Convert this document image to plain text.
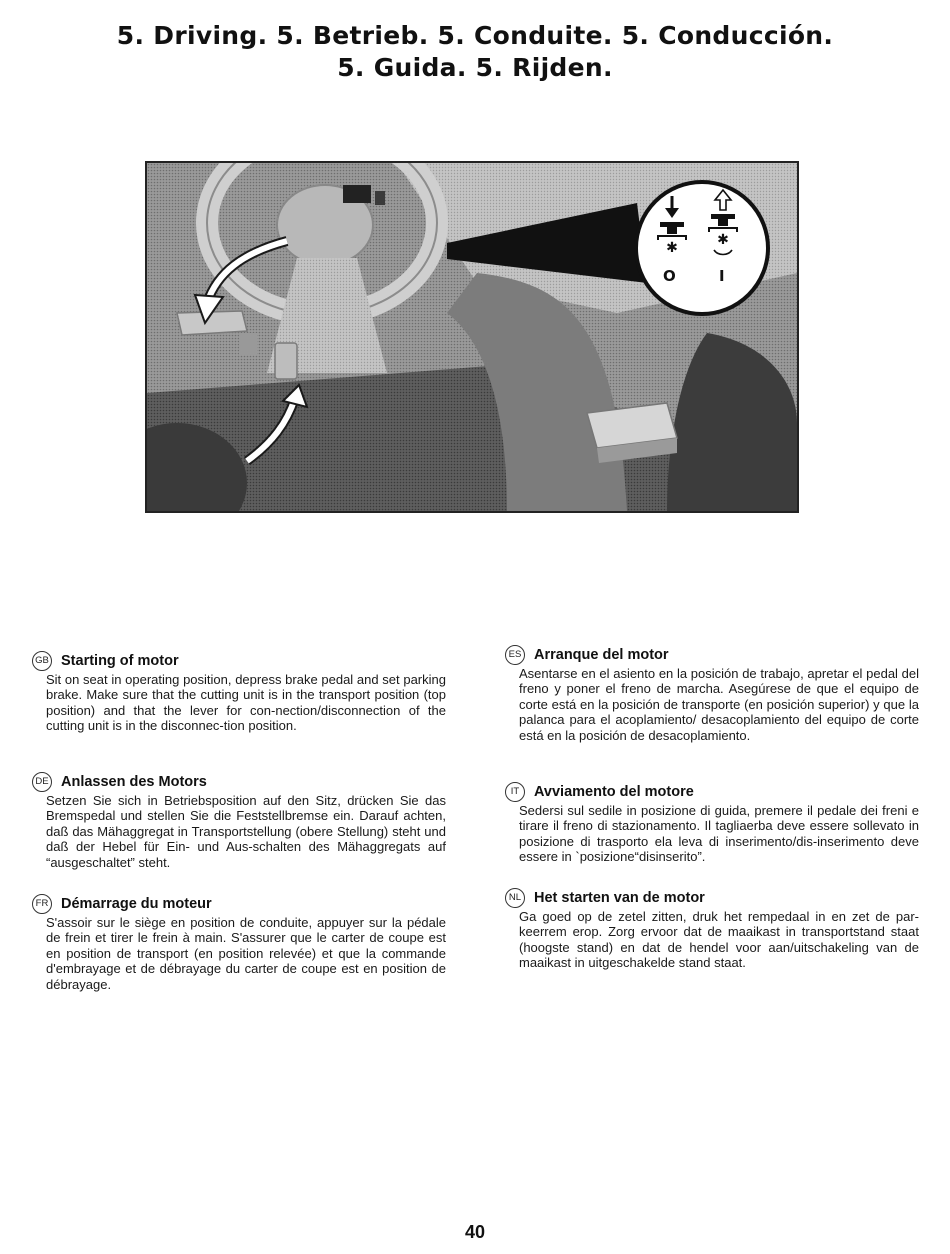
5. Driving. 5. Betrieb. 5. Conduite. 5. Conducción.
5. Guida. 5. Rijden.
✱	✱
O	I
GB Starting of motor

Sit on seat in operating position, depress brake pedal and set parking brake. Make sure that the cutting unit is in the transport position (top position) and that the lever for con-nection/disconnection of the cutting unit is in the disconnec-tion position.

DE Anlassen des Motors

Setzen Sie sich in Betriebsposition auf den Sitz, drücken Sie das Bremspedal und stellen Sie die Feststellbremse ein. Darauf achten, daß das Mähaggregat in Transportstellung (obere Stellung) steht und daß der Hebel für Ein- und Aus-schalten des Mähaggregats auf “ausgeschaltet” steht.

FR Démarrage du moteur

S'assoir sur le siège en position de conduite, appuyer sur la pédale de frein et tirer le frein à main. S'assurer que le carter de coupe est en position de transport (en position relevée) et que la commande d'embrayage et de débrayage du carter de coupe est en position de débrayage.

ES Arranque del motor

Asentarse en el asiento en la posición de trabajo, apretar el pedal del freno y poner el freno de marcha. Asegúrese de que el equipo de corte está en la posición de transporte (en posición superior) y que la palanca para el acoplamiento/ desacoplamiento del equipo de corte está en la posición de desacoplamiento.

IT	Avviamento del motore

Sedersi sul sedile in posizione di guida, premere il pedale dei freni e tirare il freno di stazionamento. Il tagliaerba deve essere sollevato in posizione di trasporto ela leva di inserimento/dis-inserimento deve essere in `posizione“disinserito”.

NL Het starten van de motor

Ga goed op de zetel zitten, druk het rempedaal in en zet de par-keerrem erop. Zorg ervoor dat de maaikast in transportstand staat (hoogste stand) en dat de hendel voor aan/uitschakeling van de maaikast in uitgeschakelde stand staat.

40
